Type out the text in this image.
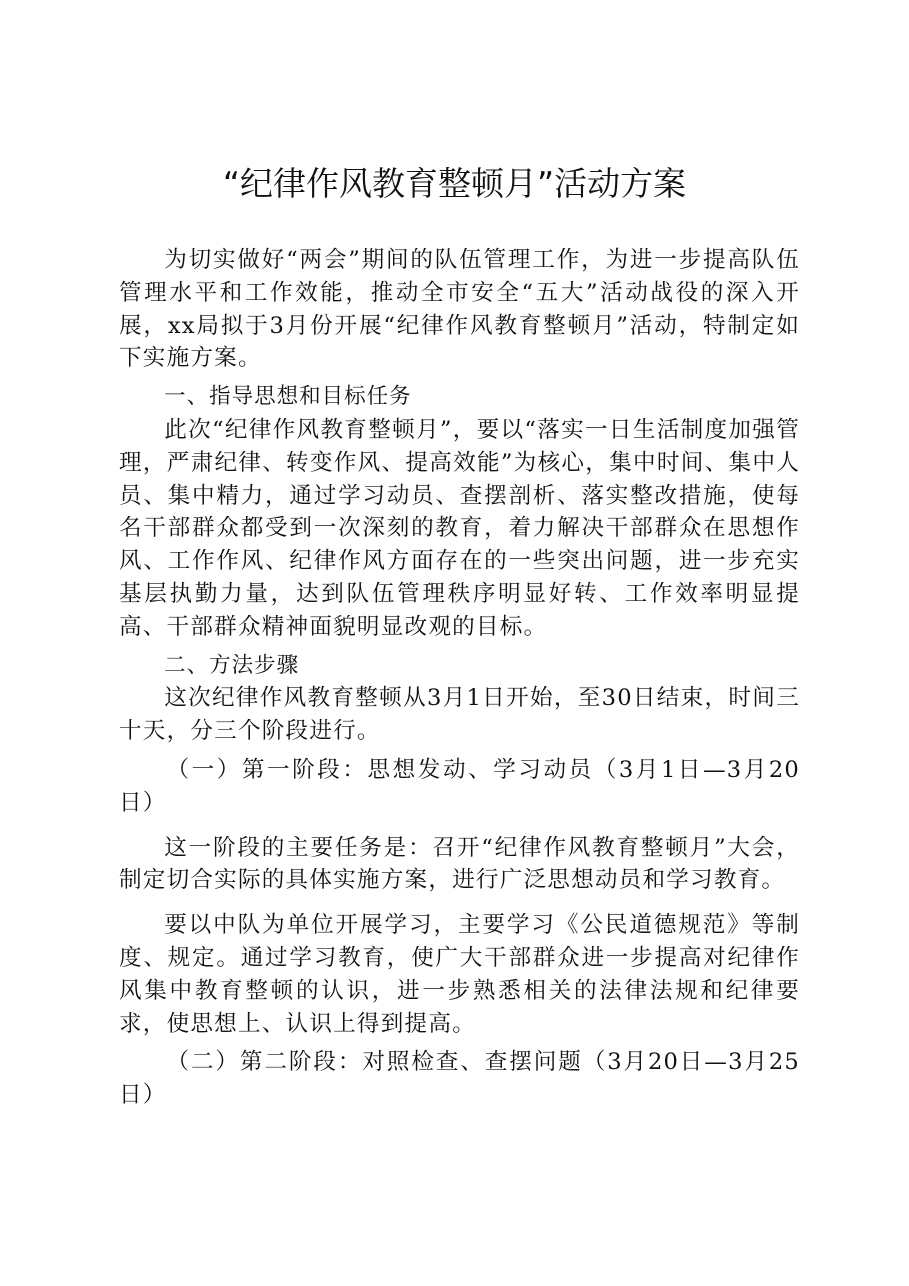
“纪律作风教育整顿月”活动方案

为切实做好“两会”期间的队伍管理工作，为进一步提高队伍管理水平和工作效能，推动全市安全“五大”活动战役的深入开展，xx局拟于3月份开展“纪律作风教育整顿月”活动，特制定如下实施方案。

一、指导思想和目标任务

此次“纪律作风教育整顿月”，要以“落实一日生活制度加强管理，严肃纪律、转变作风、提高效能”为核心，集中时间、集中人员、集中精力，通过学习动员、查摆剖析、落实整改措施，使每名干部群众都受到一次深刻的教育，着力解决干部群众在思想作风、工作作风、纪律作风方面存在的一些突出问题，进一步充实基层执勤力量，达到队伍管理秩序明显好转、工作效率明显提高、干部群众精神面貌明显改观的目标。

二、方法步骤

这次纪律作风教育整顿从3月1日开始，至30日结束，时间三十天，分三个阶段进行。

（一）第一阶段：思想发动、学习动员（3月1日—3月20日）

这一阶段的主要任务是：召开“纪律作风教育整顿月”大会，制定切合实际的具体实施方案，进行广泛思想动员和学习教育。

要以中队为单位开展学习，主要学习《公民道德规范》等制度、规定。通过学习教育，使广大干部群众进一步提高对纪律作风集中教育整顿的认识，进一步熟悉相关的法律法规和纪律要求，使思想上、认识上得到提高。

（二）第二阶段：对照检查、查摆问题（3月20日—3月25日）
